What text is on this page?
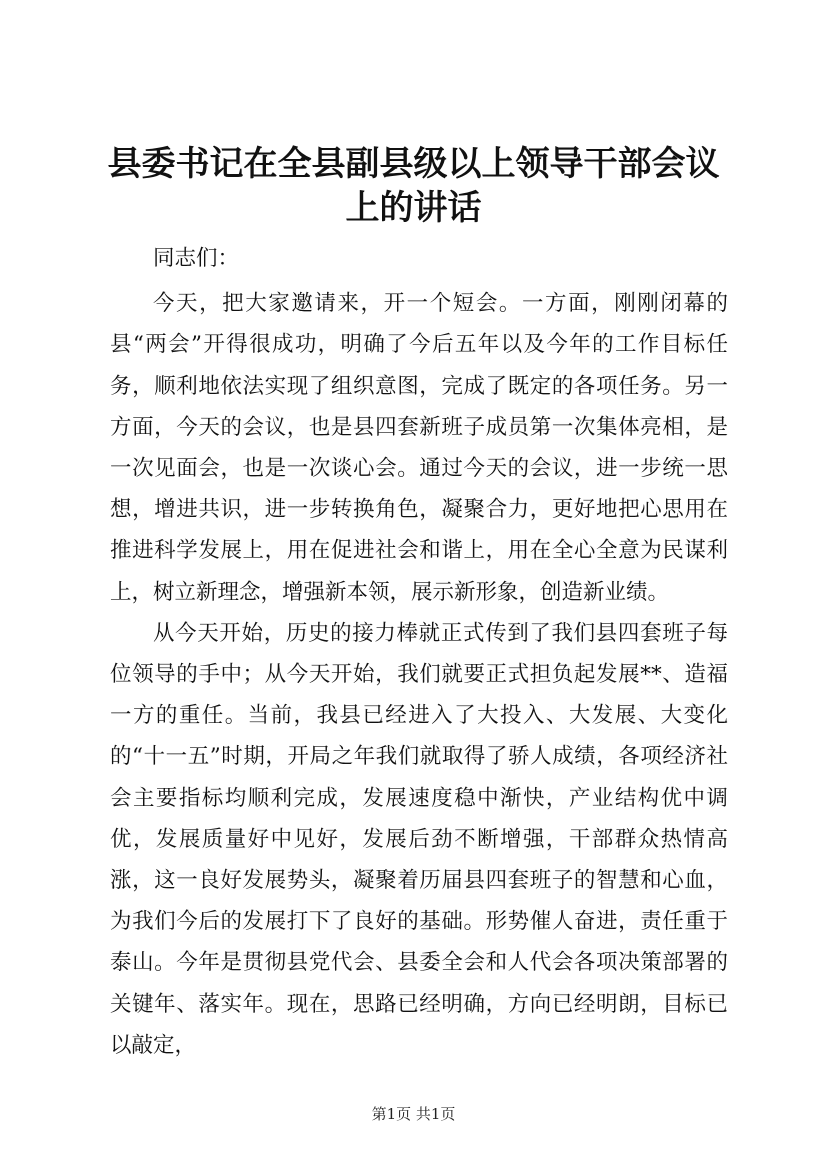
县委书记在全县副县级以上领导干部会议上的讲话

同志们：

今天，把大家邀请来，开一个短会。一方面，刚刚闭幕的县“两会”开得很成功，明确了今后五年以及今年的工作目标任务，顺利地依法实现了组织意图，完成了既定的各项任务。另一方面，今天的会议，也是县四套新班子成员第一次集体亮相，是一次见面会，也是一次谈心会。通过今天的会议，进一步统一思想，增进共识，进一步转换角色，凝聚合力，更好地把心思用在推进科学发展上，用在促进社会和谐上，用在全心全意为民谋利上，树立新理念，增强新本领，展示新形象，创造新业绩。

从今天开始，历史的接力棒就正式传到了我们县四套班子每位领导的手中；从今天开始，我们就要正式担负起发展**、造福一方的重任。当前，我县已经进入了大投入、大发展、大变化的“十一五”时期，开局之年我们就取得了骄人成绩，各项经济社会主要指标均顺利完成，发展速度稳中渐快，产业结构优中调优，发展质量好中见好，发展后劲不断增强，干部群众热情高涨，这一良好发展势头，凝聚着历届县四套班子的智慧和心血，为我们今后的发展打下了良好的基础。形势催人奋进，责任重于泰山。今年是贯彻县党代会、县委全会和人代会各项决策部署的关键年、落实年。现在，思路已经明确，方向已经明朗，目标已以敲定，

第1页 共1页
